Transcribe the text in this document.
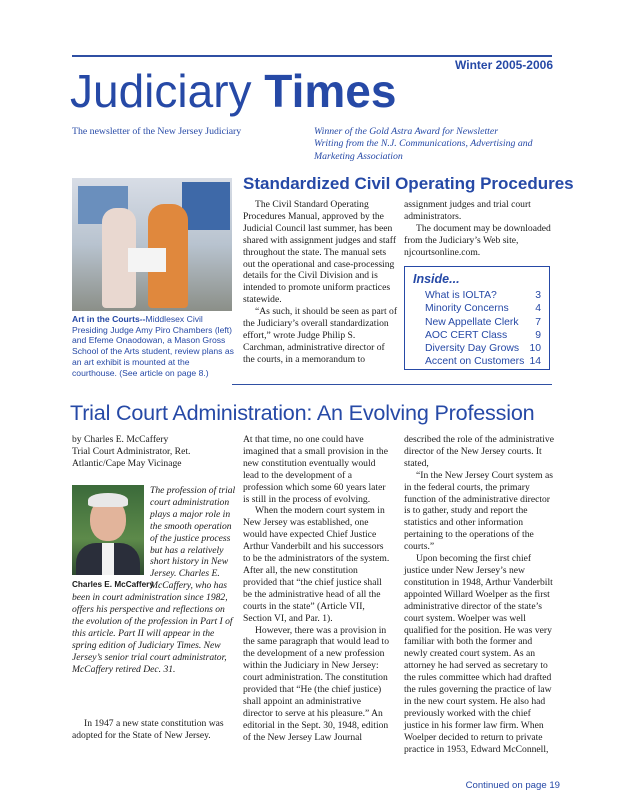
Winter 2005-2006
Judiciary Times
The newsletter of the New Jersey Judiciary	Winner of the Gold Astra Award for Newsletter
Writing from the N.J. Communications, Advertising and
Marketing Association
Art in the Courts--Middlesex Civil Presiding Judge Amy Piro Chambers (left) and Efeme Onaodowan, a Mason Gross School of the Arts student, review plans as an art exhibit is mounted at the courthouse. (See article on page 8.)
Standardized Civil Operating Procedures

The Civil Standard Operating Procedures Manual, approved by the Judicial Council last summer, has been shared with assignment judges and staff throughout the state. The manual sets out the operational and case-processing details for the Civil Division and is intended to promote uniform practices statewide.

“As such, it should be seen as part of the Judiciary’s overall standardization effort,” wrote Judge Philip S. Carchman, administrative director of the courts, in a memorandum to

assignment judges and trial court administrators.

The document may be downloaded from the Judiciary’s Web site, njcourtsonline.com.

Inside...
What is IOLTA?	3
Minority Concerns	4
New Appellate Clerk 7
AOC CERT Class	9
Diversity Day Grows 10
Accent on Customers 14
Trial Court Administration: An Evolving Profession
by Charles E. McCaffery
Trial Court Administrator, Ret.
Atlantic/Cape May Vicinage
Charles E. McCaffery
The profession of trial court administration plays a major role in the smooth operation of the justice process but has a relatively short history in New Jersey. Charles E. McCaffery, who has been in court administration since 1982, offers his perspective and reflections on the evolution of the profession in Part I of this article. Part II will appear in the spring edition of Judiciary Times. New Jersey’s senior trial court administrator, McCaffery retired Dec. 31.

In 1947 a new state constitution was adopted for the State of New Jersey.

At that time, no one could have imagined that a small provision in the new constitution eventually would lead to the development of a profession which some 60 years later is still in the process of evolving.

When the modern court system in New Jersey was established, one would have expected Chief Justice Arthur Vanderbilt and his successors to be the administrators of the system. After all, the new constitution provided that “the chief justice shall be the administrative head of all the courts in the state” (Article VII, Section VI, and Par. 1).

However, there was a provision in the same paragraph that would lead to the development of a new profession within the Judiciary in New Jersey: court administration. The constitution provided that “He (the chief justice) shall appoint an administrative director to serve at his pleasure.” An editorial in the Sept. 30, 1948, edition of the New Jersey Law Journal

described the role of the administrative director of the New Jersey courts. It stated,

“In the New Jersey Court system as in the federal courts, the primary function of the administrative director is to gather, study and report the statistics and other information pertaining to the operations of the courts.”

Upon becoming the first chief justice under New Jersey’s new constitution in 1948, Arthur Vanderbilt appointed Willard Woelper as the first administrative director of the state’s court system. Woelper was well qualified for the position. He was very familiar with both the former and newly created court system. As an attorney he had served as secretary to the rules committee which had drafted the rules governing the practice of law in the new court system. He also had previously worked with the chief justice in his former law firm. When Woelper decided to return to private practice in 1953, Edward McConnell,

Continued on page 19
